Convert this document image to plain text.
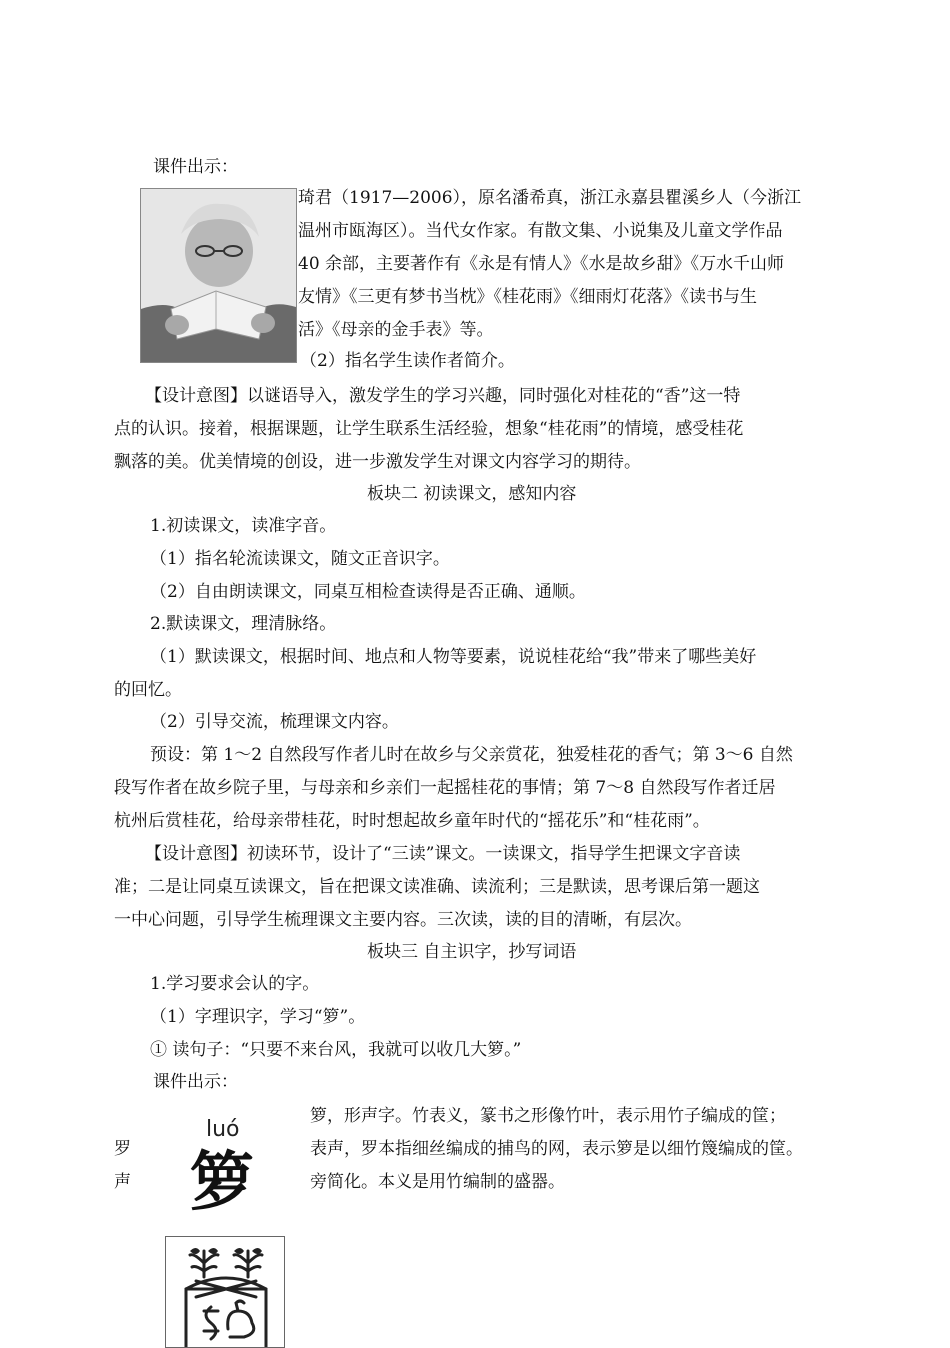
课件出示：
琦君（1917—2006），原名潘希真，浙江永嘉县瞿溪乡人（今浙江
温州市瓯海区）。当代女作家。有散文集、小说集及儿童文学作品
40 余部，主要著作有《永是有情人》《水是故乡甜》《万水千山师
友情》《三更有梦书当枕》《桂花雨》《细雨灯花落》《读书与生
活》《母亲的金手表》等。
（2）指名学生读作者简介。
【设计意图】以谜语导入，激发学生的学习兴趣，同时强化对桂花的“香”这一特
点的认识。接着，根据课题，让学生联系生活经验，想象“桂花雨”的情境，感受桂花
飘落的美。优美情境的创设，进一步激发学生对课文内容学习的期待。
板块二 初读课文，感知内容
1.初读课文，读准字音。
（1）指名轮流读课文，随文正音识字。
（2）自由朗读课文，同桌互相检查读得是否正确、通顺。
2.默读课文，理清脉络。
（1）默读课文，根据时间、地点和人物等要素，说说桂花给“我”带来了哪些美好
的回忆。
（2）引导交流，梳理课文内容。
预设：第 1～2 自然段写作者儿时在故乡与父亲赏花，独爱桂花的香气；第 3～6 自然
段写作者在故乡院子里，与母亲和乡亲们一起摇桂花的事情；第 7～8 自然段写作者迁居
杭州后赏桂花，给母亲带桂花，时时想起故乡童年时代的“摇花乐”和“桂花雨”。
【设计意图】初读环节，设计了“三读”课文。一读课文，指导学生把课文字音读
准；二是让同桌互读课文，旨在把课文读准确、读流利；三是默读，思考课后第一题这
一中心问题，引导学生梳理课文主要内容。三次读，读的目的清晰，有层次。
板块三 自主识字，抄写词语
1.学习要求会认的字。
（1）字理识字，学习“箩”。
① 读句子：“只要不来台风，我就可以收几大箩。”
课件出示：
箩，形声字。竹表义，篆书之形像竹叶，表示用竹子编成的筐；
表声，罗本指细丝编成的捕鸟的网，表示箩是以细竹篾编成的筐。
旁简化。本义是用竹编制的盛器。
罗
声
luó
箩
